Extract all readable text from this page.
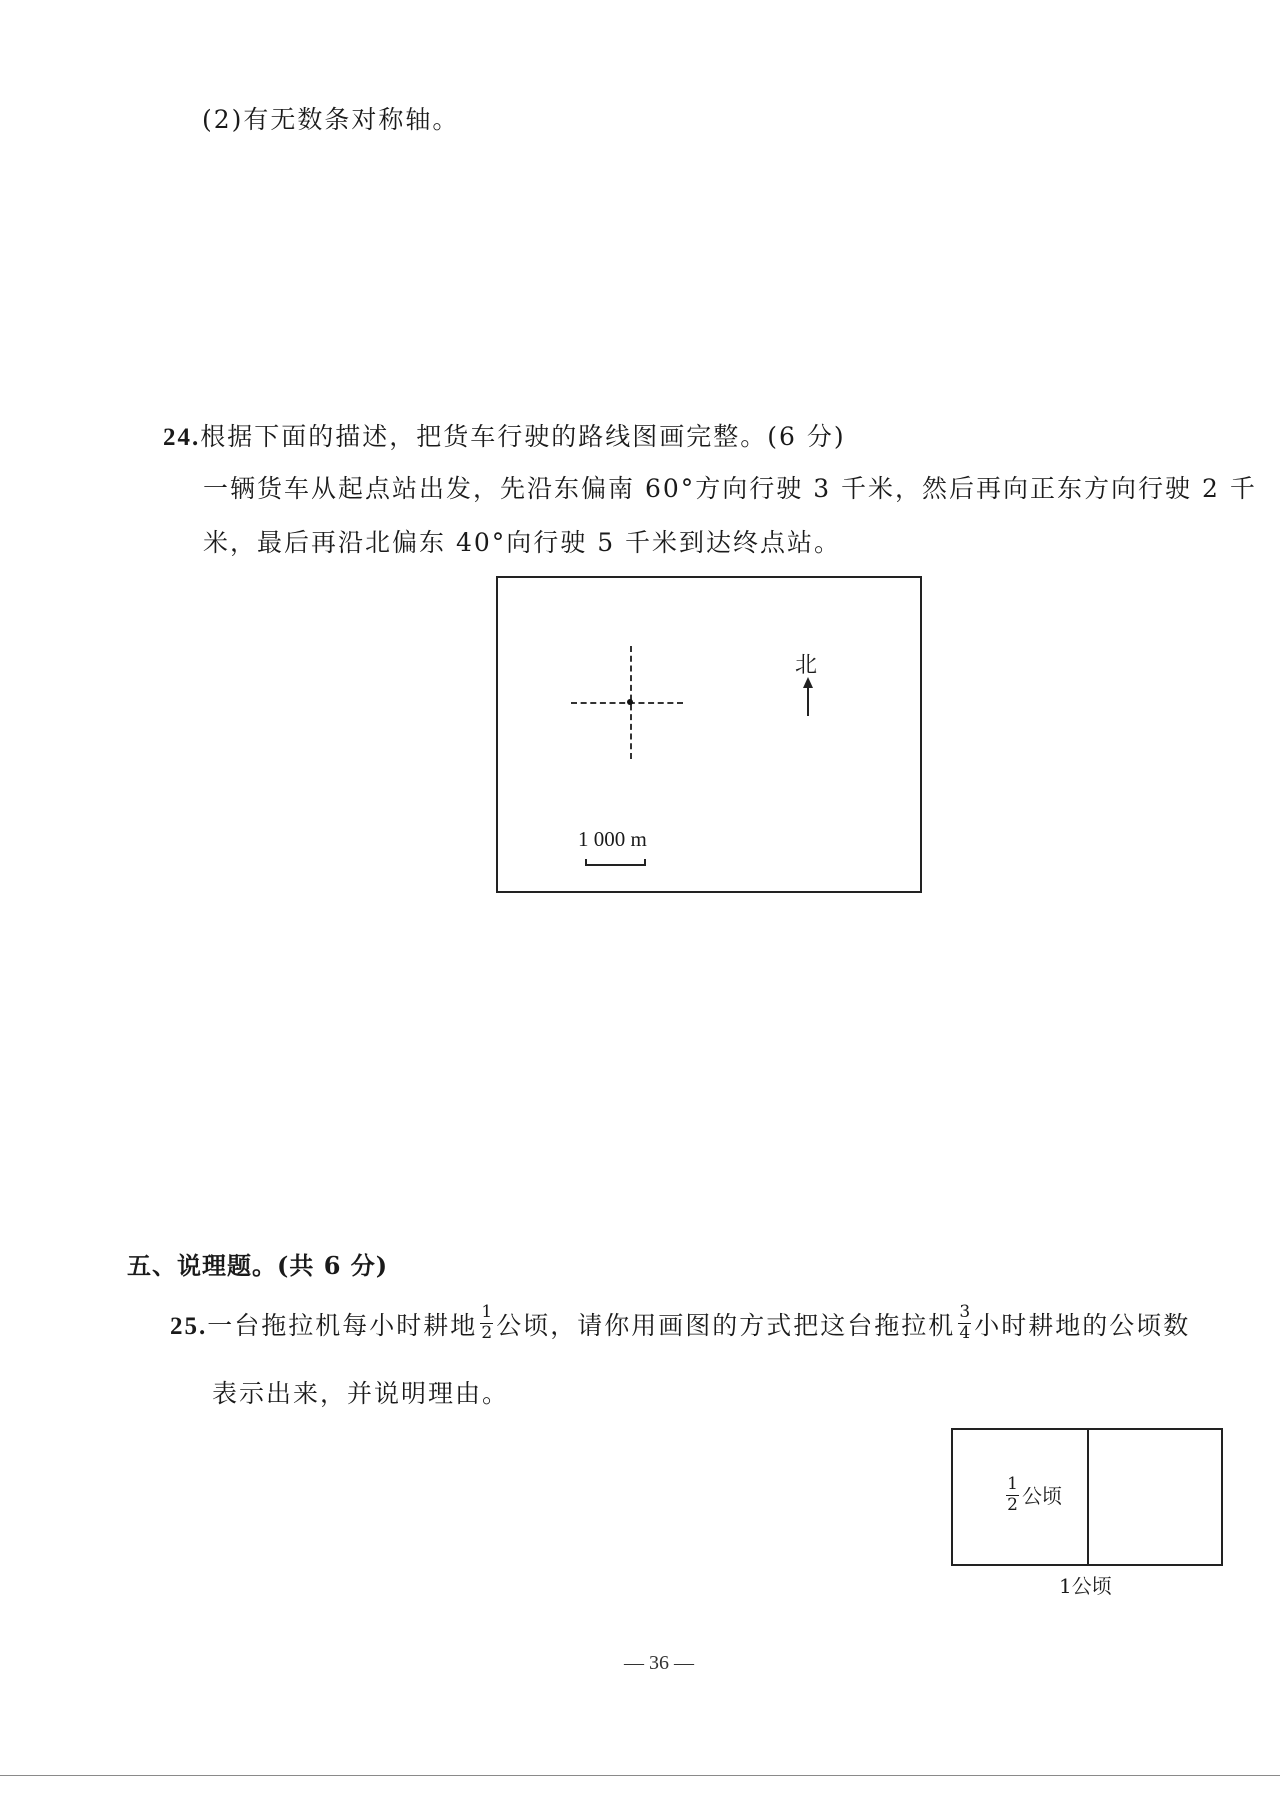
(2)有无数条对称轴。
24.根据下面的描述，把货车行驶的路线图画完整。(6 分)
一辆货车从起点站出发，先沿东偏南 60°方向行驶 3 千米，然后再向正东方向行驶 2 千
米，最后再沿北偏东 40°向行驶 5 千米到达终点站。
北
1 000 m
五、说理题。(共 6 分)
25.一台拖拉机每小时耕地 $\frac{1}{2}$ 公顷，请你用画图的方式把这台拖拉机 $\frac{3}{4}$ 小时耕地的公顷数
表示出来，并说明理由。
$\frac{1}{2}$ 公顷
1公顷
— 36 —
